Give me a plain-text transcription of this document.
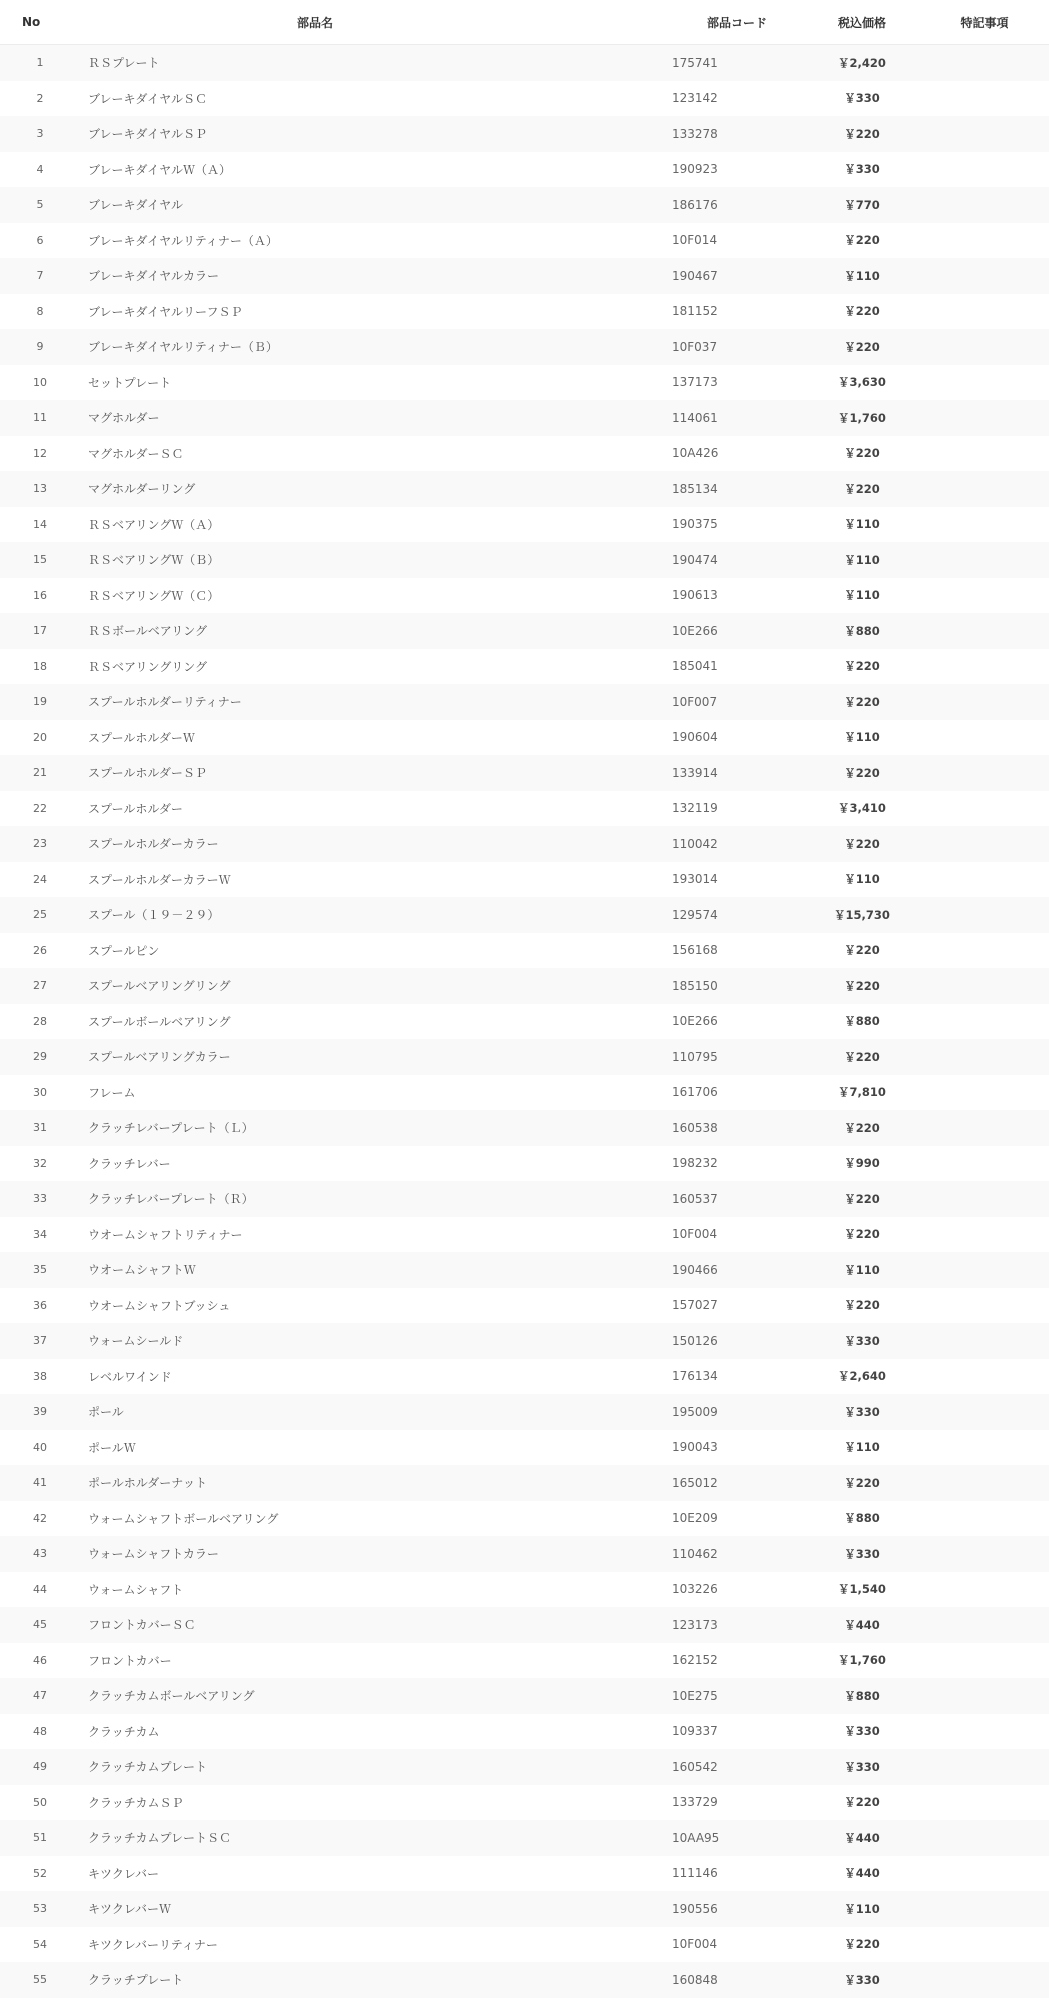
No	部品名	部品コード	税込価格	特記事項
1	ＲＳプレート	175741	￥2,420	
2	ブレーキダイヤルＳＣ	123142	￥330	
3	ブレーキダイヤルＳＰ	133278	￥220	
4	ブレーキダイヤルＷ（Ａ）	190923	￥330	
5	ブレーキダイヤル	186176	￥770	
6	ブレーキダイヤルリティナー（Ａ）	10F014	￥220	
7	ブレーキダイヤルカラー	190467	￥110	
8	ブレーキダイヤルリーフＳＰ	181152	￥220	
9	ブレーキダイヤルリティナー（Ｂ）	10F037	￥220	
10	セットプレート	137173	￥3,630	
11	マグホルダー	114061	￥1,760	
12	マグホルダーＳＣ	10A426	￥220	
13	マグホルダーリング	185134	￥220	
14	ＲＳベアリングＷ（Ａ）	190375	￥110	
15	ＲＳベアリングＷ（Ｂ）	190474	￥110	
16	ＲＳベアリングＷ（Ｃ）	190613	￥110	
17	ＲＳボールベアリング	10E266	￥880	
18	ＲＳベアリングリング	185041	￥220	
19	スプールホルダーリティナー	10F007	￥220	
20	スプールホルダーＷ	190604	￥110	
21	スプールホルダーＳＰ	133914	￥220	
22	スプールホルダー	132119	￥3,410	
23	スプールホルダーカラー	110042	￥220	
24	スプールホルダーカラーＷ	193014	￥110	
25	スプール（１９－２９）	129574	￥15,730	
26	スプールピン	156168	￥220	
27	スプールベアリングリング	185150	￥220	
28	スプールボールベアリング	10E266	￥880	
29	スプールベアリングカラー	110795	￥220	
30	フレーム	161706	￥7,810	
31	クラッチレバープレート（Ｌ）	160538	￥220	
32	クラッチレバー	198232	￥990	
33	クラッチレバープレート（Ｒ）	160537	￥220	
34	ウオームシャフトリティナー	10F004	￥220	
35	ウオームシャフトＷ	190466	￥110	
36	ウオームシャフトブッシュ	157027	￥220	
37	ウォームシールド	150126	￥330	
38	レベルワインド	176134	￥2,640	
39	ポール	195009	￥330	
40	ポールＷ	190043	￥110	
41	ポールホルダーナット	165012	￥220	
42	ウォームシャフトボールベアリング	10E209	￥880	
43	ウォームシャフトカラー	110462	￥330	
44	ウォームシャフト	103226	￥1,540	
45	フロントカバーＳＣ	123173	￥440	
46	フロントカバー	162152	￥1,760	
47	クラッチカムボールベアリング	10E275	￥880	
48	クラッチカム	109337	￥330	
49	クラッチカムプレート	160542	￥330	
50	クラッチカムＳＰ	133729	￥220	
51	クラッチカムプレートＳＣ	10AA95	￥440	
52	キツクレバー	111146	￥440	
53	キツクレバーＷ	190556	￥110	
54	キツクレバーリティナー	10F004	￥220	
55	クラッチプレート	160848	￥330	
